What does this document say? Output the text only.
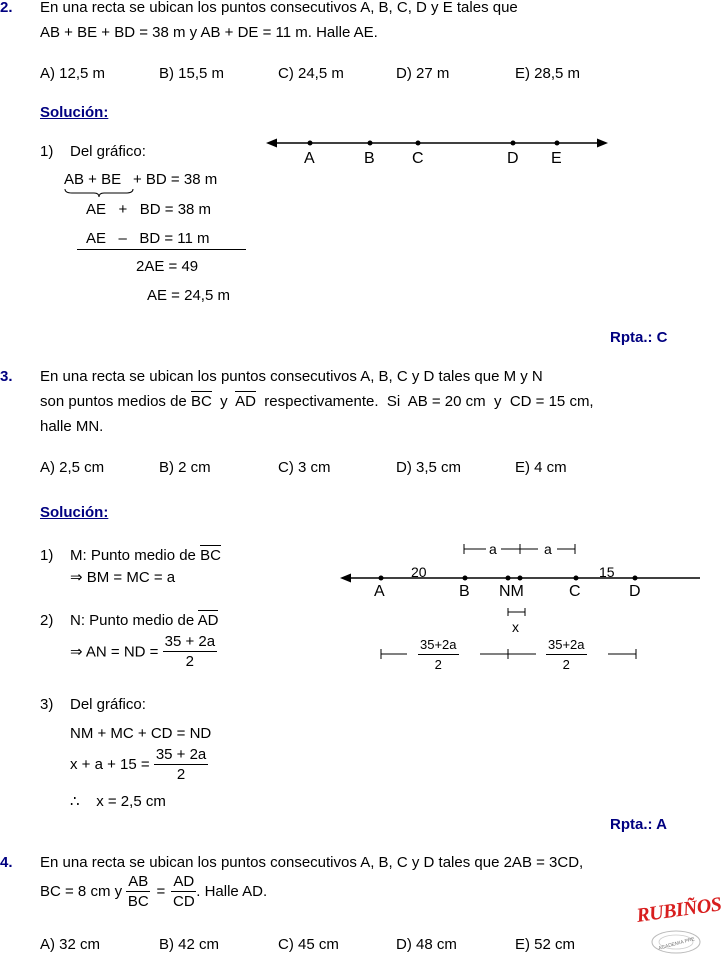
2. En una recta se ubican los puntos consecutivos A, B, C, D y E tales que
AB + BE + BD = 38 m y AB + DE = 11 m. Halle AE.
A) 12,5 m	B) 15,5 m	C) 24,5 m	D) 27 m	E) 28,5 m
Solución:
1) Del gráfico:
AB + BE + BD = 38 m
AE   +   BD = 38 m
AE   –   BD = 11 m
2AE = 49
AE = 24,5 m
A	B C	D E
Rpta.: C
3. En una recta se ubican los puntos consecutivos A, B, C y D tales que M y N
son puntos medios de BC  y  AD  respectivamente.  Si  AB = 20 cm  y  CD = 15 cm,
halle MN.
A) 2,5 cm	B) 2 cm	C) 3 cm	D) 3,5 cm	E) 4 cm
Solución:
1) M: Punto medio de BC
⇒ BM = MC = a
2) N: Punto medio de AD
⇒ AN = ND = $\frac{35 + 2a}{2}$
3) Del gráfico:
NM + MC + CD = ND
$x + a + 15 = \frac{35 + 2a}{2}$
∴    x = 2,5 cm
a	a
20	15
A	B NM	C	D
x
$\frac{35+2a}{2}$	$\frac{35+2a}{2}$
Rpta.: A
4. En una recta se ubican los puntos consecutivos A, B, C y D tales que 2AB = 3CD,
BC = 8 cm y $\frac{AB}{BC} = \frac{AD}{CD}$ . Halle AD.
A) 32 cm	B) 42 cm	C) 45 cm	D) 48 cm	E) 52 cm
RUBIÑOS
ACADEMIA PRE
